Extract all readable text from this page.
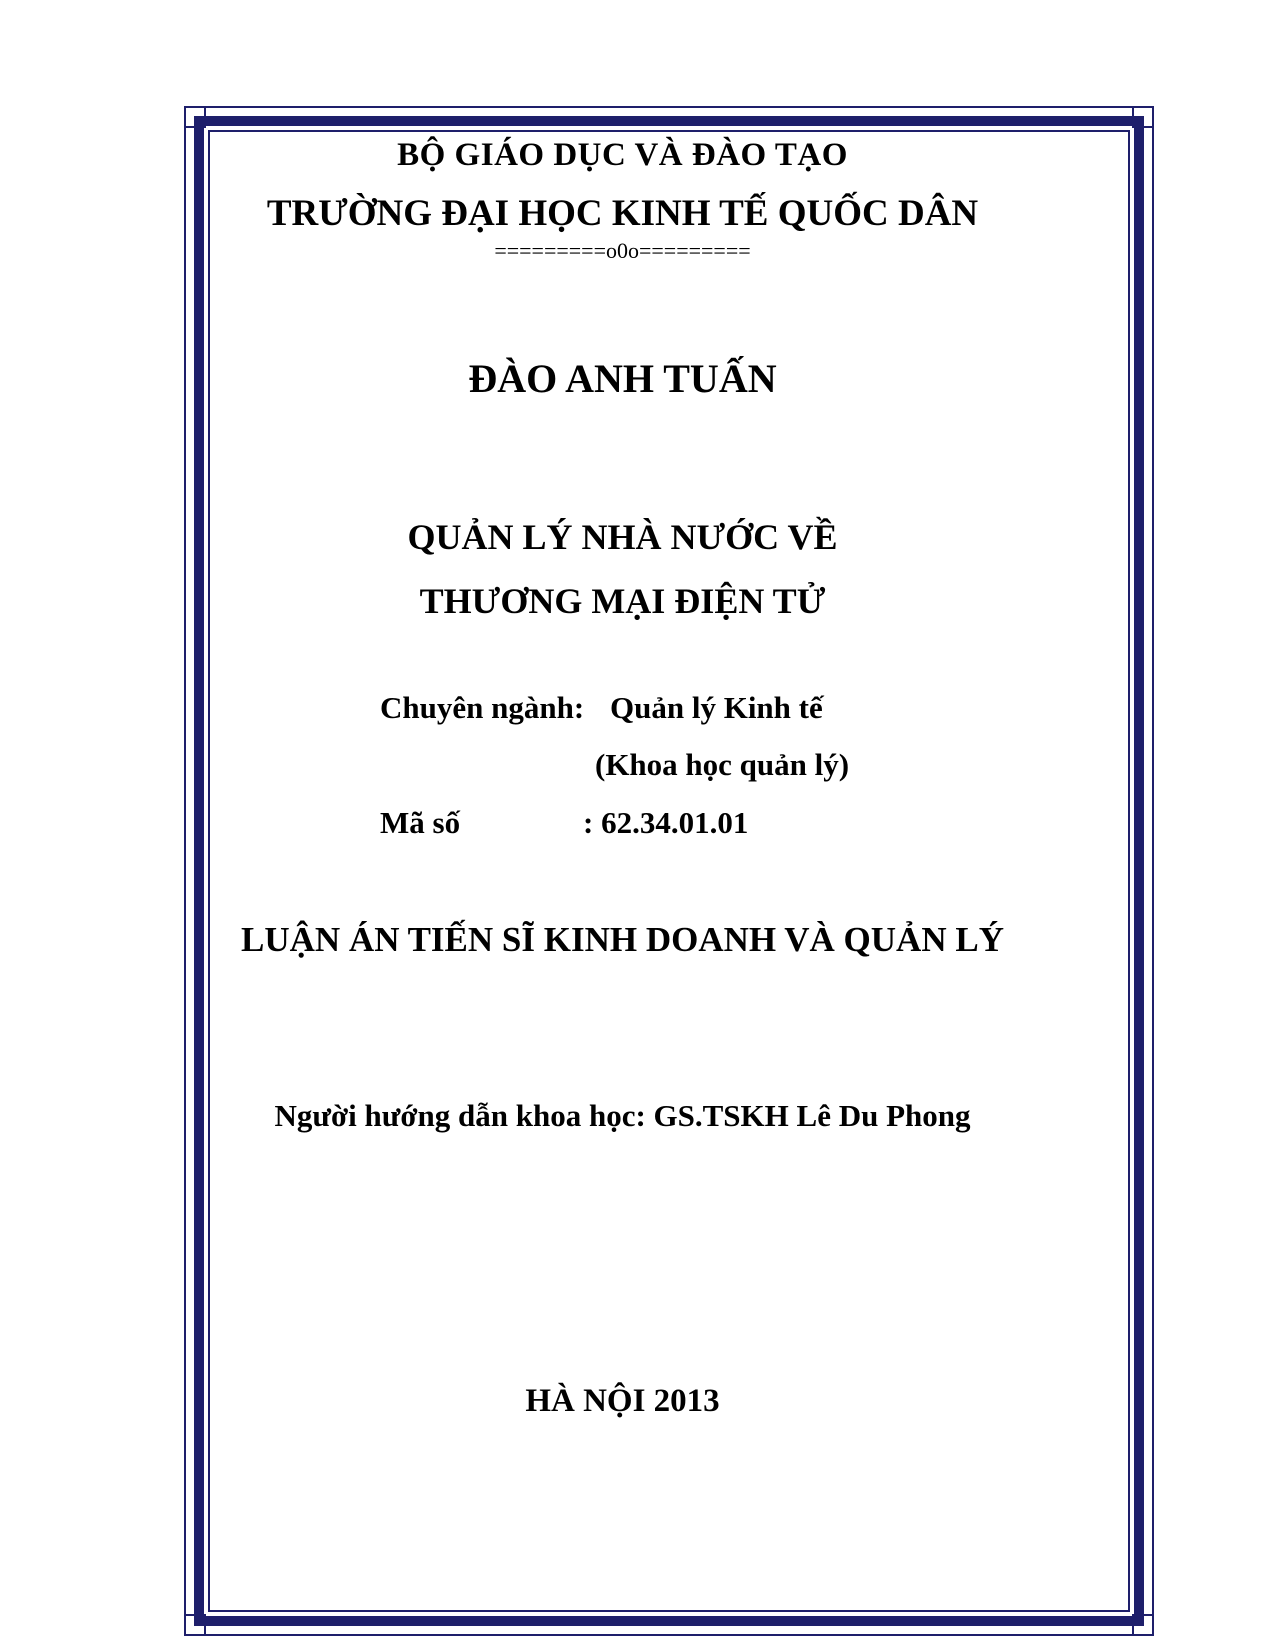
BỘ GIÁO DỤC VÀ ĐÀO TẠO
TRƯỜNG ĐẠI HỌC KINH TẾ QUỐC DÂN
=========o0o=========
ĐÀO ANH TUẤN
QUẢN LÝ NHÀ NƯỚC VỀ
THƯƠNG MẠI ĐIỆN TỬ
Chuyên ngành: Quản lý Kinh tế
(Khoa học quản lý)
Mã số	: 62.34.01.01
LUẬN ÁN TIẾN SĨ KINH DOANH VÀ QUẢN LÝ
Người hướng dẫn khoa học: GS.TSKH Lê Du Phong
HÀ NỘI 2013
